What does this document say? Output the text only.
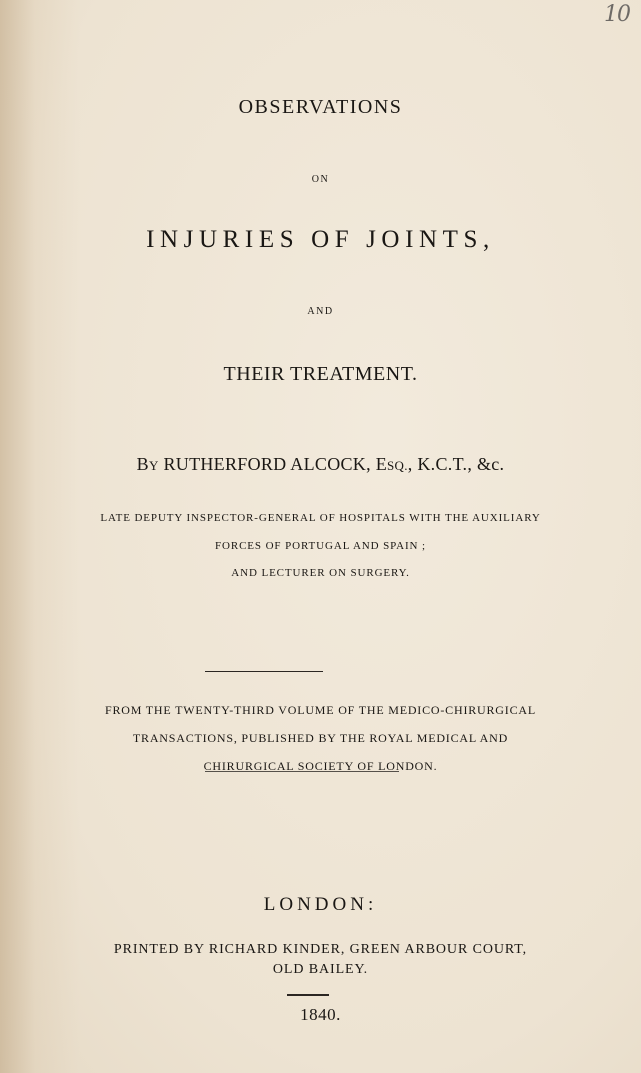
10

OBSERVATIONS

ON

INJURIES OF JOINTS,

AND

THEIR TREATMENT.

BY RUTHERFORD ALCOCK, ESQ., K.C.T., &c.

LATE DEPUTY INSPECTOR-GENERAL OF HOSPITALS WITH THE AUXILIARY

FORCES OF PORTUGAL AND SPAIN ;

AND LECTURER ON SURGERY.

FROM THE TWENTY-THIRD VOLUME OF THE MEDICO-CHIRURGICAL

TRANSACTIONS, PUBLISHED BY THE ROYAL MEDICAL AND

CHIRURGICAL SOCIETY OF LONDON.

LONDON:

PRINTED BY RICHARD KINDER, GREEN ARBOUR COURT,

OLD BAILEY.

1840.
